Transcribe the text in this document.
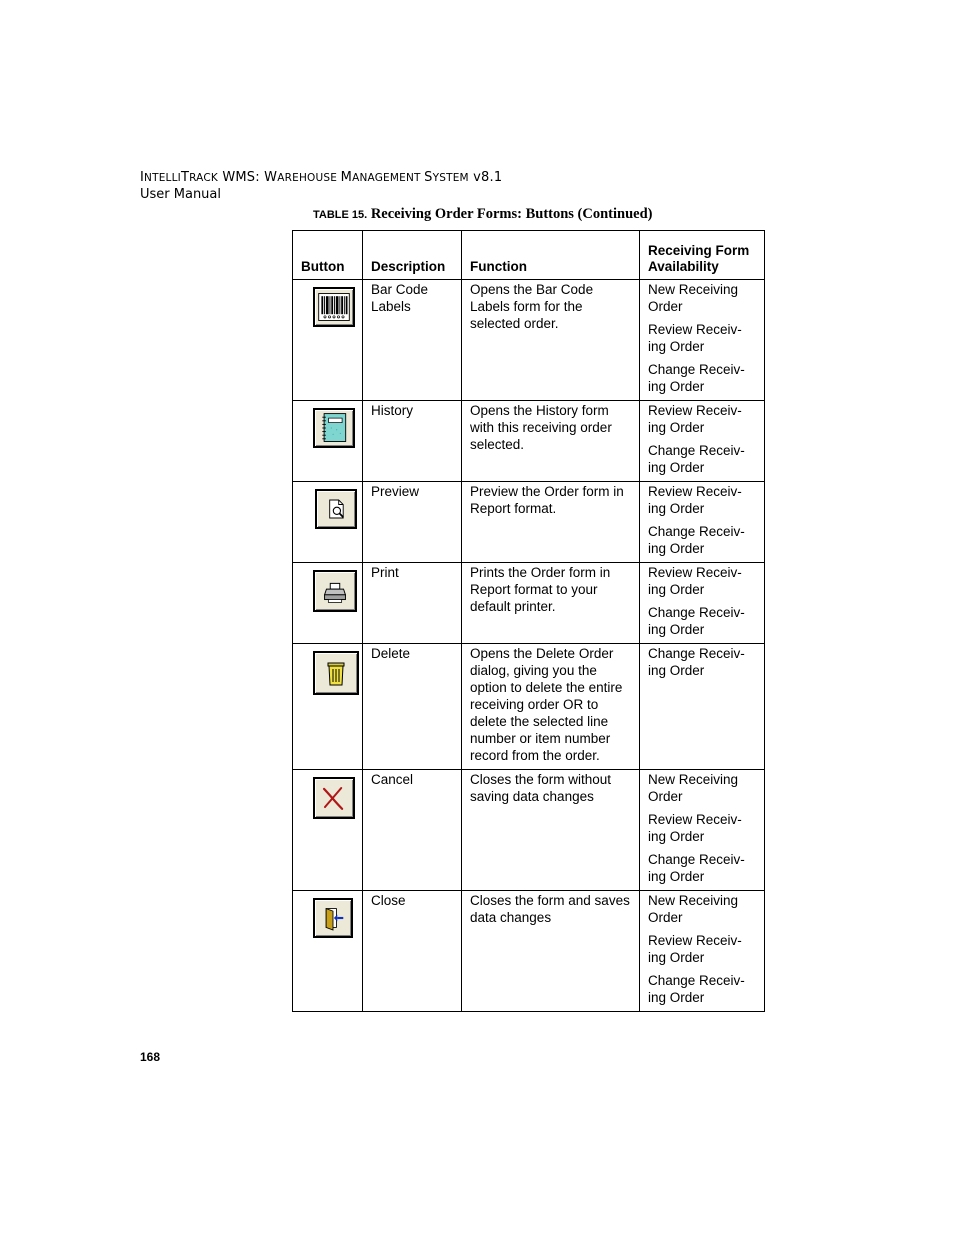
INTELLITRACK WMS: WAREHOUSE MANAGEMENT SYSTEM v8.1
User Manual
TABLE 15. Receiving Order Forms: Buttons (Continued)
Button	Description	Function	Receiving Form Availability

Bar Code Labels	Opens the Bar Code Labels form for the selected order.	New Receiving Order

Review Receiv-ing Order

Change Receiv-ing Order

History	Opens the History form with this receiving order selected.	Review Receiv-ing Order

Change Receiv-ing Order

Preview	Preview the Order form in Report format.	Review Receiv-ing Order

Change Receiv-ing Order

Print	Prints the Order form in Report format to your default printer.	Review Receiv-ing Order

Change Receiv-ing Order

Delete	Opens the Delete Order dialog, giving you the option to delete the entire receiving order OR to delete the selected line number or item number record from the order.	Change Receiv-ing Order

Cancel	Closes the form without saving data changes	New Receiving Order

Review Receiv-ing Order

Change Receiv-ing Order

Close	Closes the form and saves data changes	New Receiving Order

Review Receiv-ing Order

Change Receiv-ing Order

168
